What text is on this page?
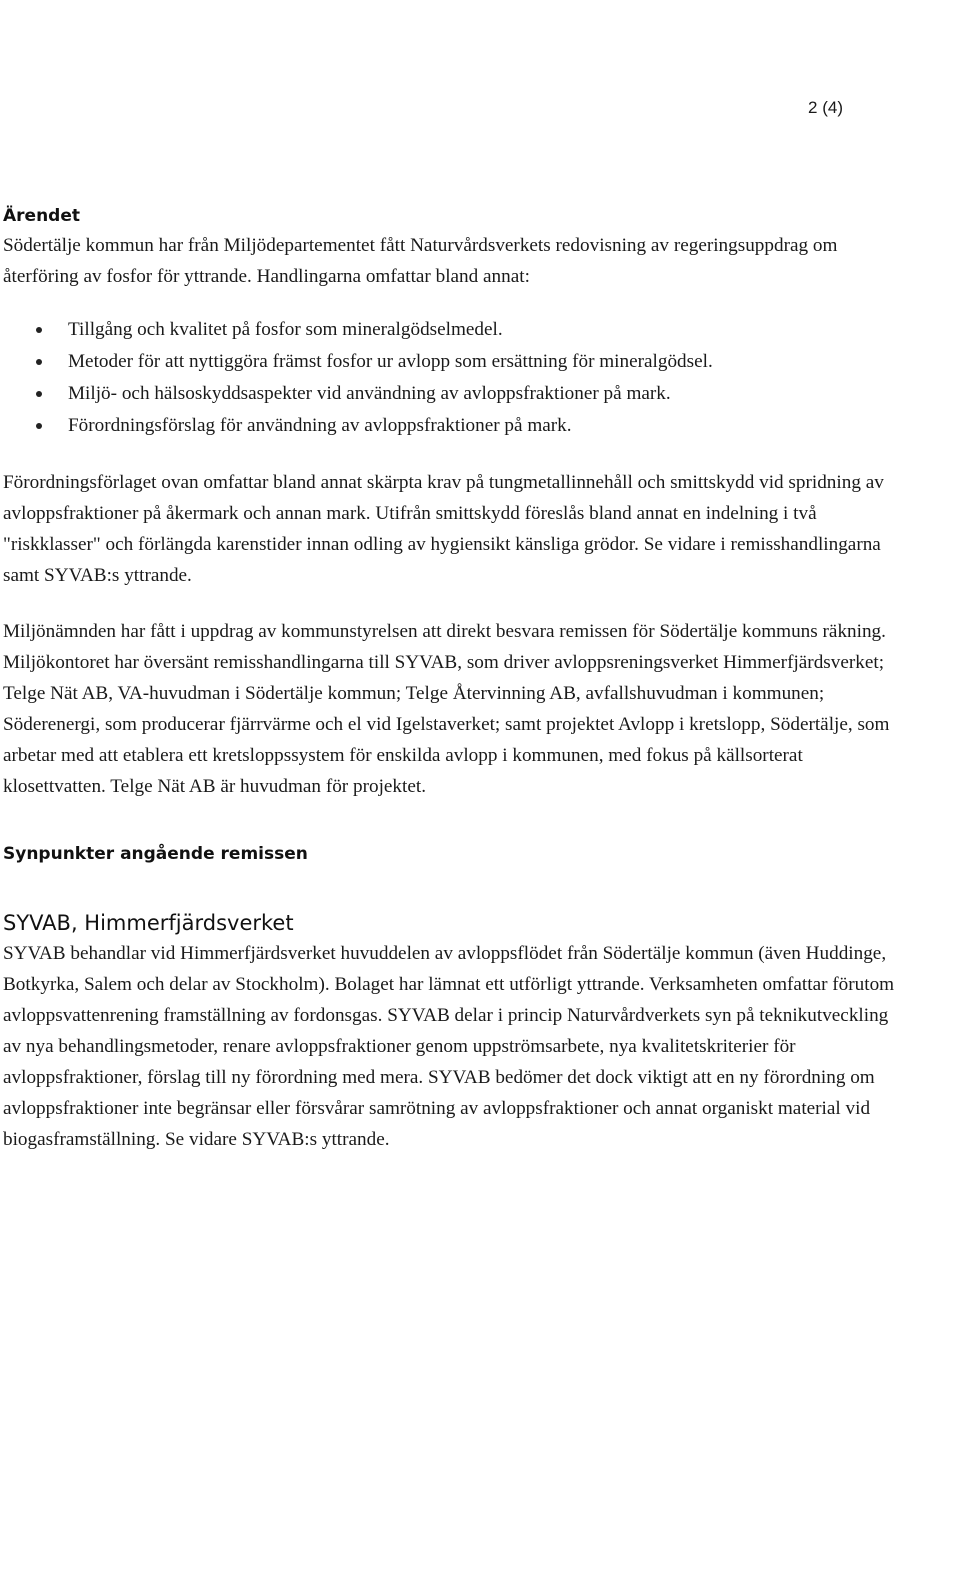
2 (4)
Ärendet

Södertälje kommun har från Miljödepartementet fått Naturvårdsverkets redovisning av regeringsuppdrag om återföring av fosfor för yttrande. Handlingarna omfattar bland annat:

Tillgång och kvalitet på fosfor som mineralgödselmedel.
Metoder för att nyttiggöra främst fosfor ur avlopp som ersättning för mineralgödsel.
Miljö- och hälsoskyddsaspekter vid användning av avloppsfraktioner på mark.
Förordningsförslag för användning av avloppsfraktioner på mark.

Förordningsförlaget ovan omfattar bland annat skärpta krav på tungmetallinnehåll och smittskydd vid spridning av avloppsfraktioner på åkermark och annan mark. Utifrån smittskydd föreslås bland annat en indelning i två "riskklasser" och förlängda karenstider innan odling av hygiensikt känsliga grödor. Se vidare i remisshandlingarna samt SYVAB:s yttrande.

Miljönämnden har fått i uppdrag av kommunstyrelsen att direkt besvara remissen för Södertälje kommuns räkning. Miljökontoret har översänt remisshandlingarna till SYVAB, som driver avloppsreningsverket Himmerfjärdsverket; Telge Nät AB, VA-huvudman i Södertälje kommun; Telge Återvinning AB, avfallshuvudman i kommunen; Söderenergi, som producerar fjärrvärme och el vid Igelstaverket; samt projektet Avlopp i kretslopp, Södertälje, som arbetar med att etablera ett kretsloppssystem för enskilda avlopp i kommunen, med fokus på källsorterat klosettvatten. Telge Nät AB är huvudman för projektet.

Synpunkter angående remissen
SYVAB, Himmerfjärdsverket

SYVAB behandlar vid Himmerfjärdsverket huvuddelen av avloppsflödet från Södertälje kommun (även Huddinge, Botkyrka, Salem och delar av Stockholm). Bolaget har lämnat ett utförligt yttrande. Verksamheten omfattar förutom avloppsvattenrening framställning av fordonsgas. SYVAB delar i princip Naturvårdverkets syn på teknikutveckling av nya behandlingsmetoder, renare avloppsfraktioner genom uppströmsarbete, nya kvalitetskriterier för avloppsfraktioner, förslag till ny förordning med mera. SYVAB bedömer det dock viktigt att en ny förordning om avloppsfraktioner inte begränsar eller försvårar samrötning av avloppsfraktioner och annat organiskt material vid biogasframställning. Se vidare SYVAB:s yttrande.
